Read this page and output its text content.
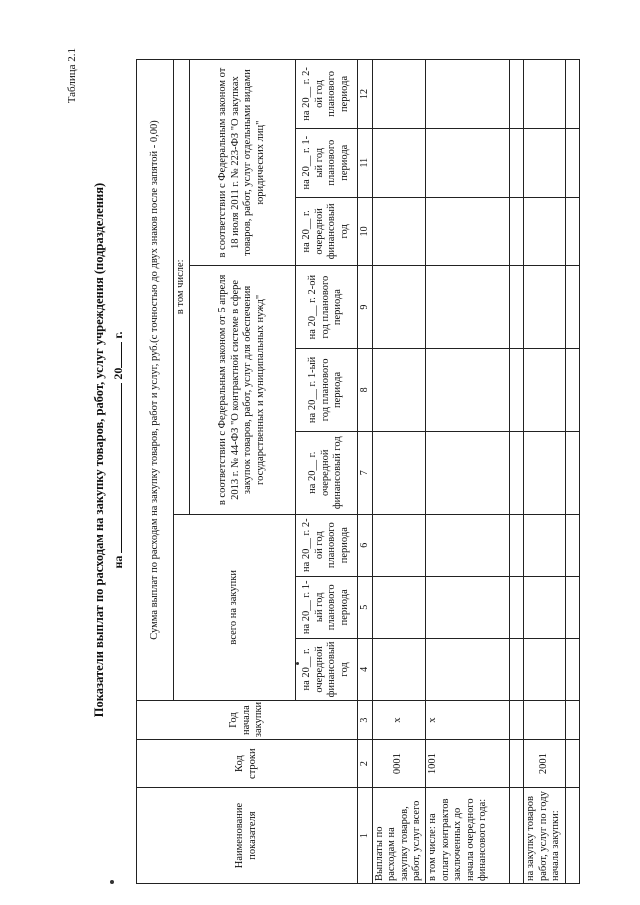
Таблица 2.1
Показатели выплат по расходам на закупку товаров, работ, услуг учреждения (подразделения) на  20 г.
Наименование показателя	Код строки	Год начала закупки	Сумма выплат по расходам на закупку товаров, работ и услуг, руб.(с точностью до двух знаков после запятой - 0,00)								
			всего на закупки			в том числе:					
						в соответствии с Федеральным законом от 5 апреля 2013 г. № 44-ФЗ "О контрактной системе в сфере закупок товаров, работ, услуг для обеспечения государственных и муниципальных нужд"			в соответствии с Федеральным законом от 18 июля 2011 г. № 223-ФЗ "О закупках товаров, работ, услуг отдельными видами юридических лиц"		
			на 20__ г. очередной финансовый год	на 20__ г. 1-ый год планового периода	на 20__ г. 2-ой год планового периода	на 20__ г. очередной финансовый год	на 20__ г. 1-ый год планового периода	на 20__ г. 2-ой год планового периода	на 20__ г. очередной финансовый год	на 20__ г. 1-ый год планового периода	на 20__ г. 2-ой год планового периода
1	2	3	4	5	6	7	8	9	10	11	12
Выплаты по расходам на закупку товаров, работ, услуг всего	0001	х									
в том числе: на оплату контрактов заключенных до начала очередного финансового года:	1001	х									

на закупку товаров работ, услуг по году начала закупки:	2001										
